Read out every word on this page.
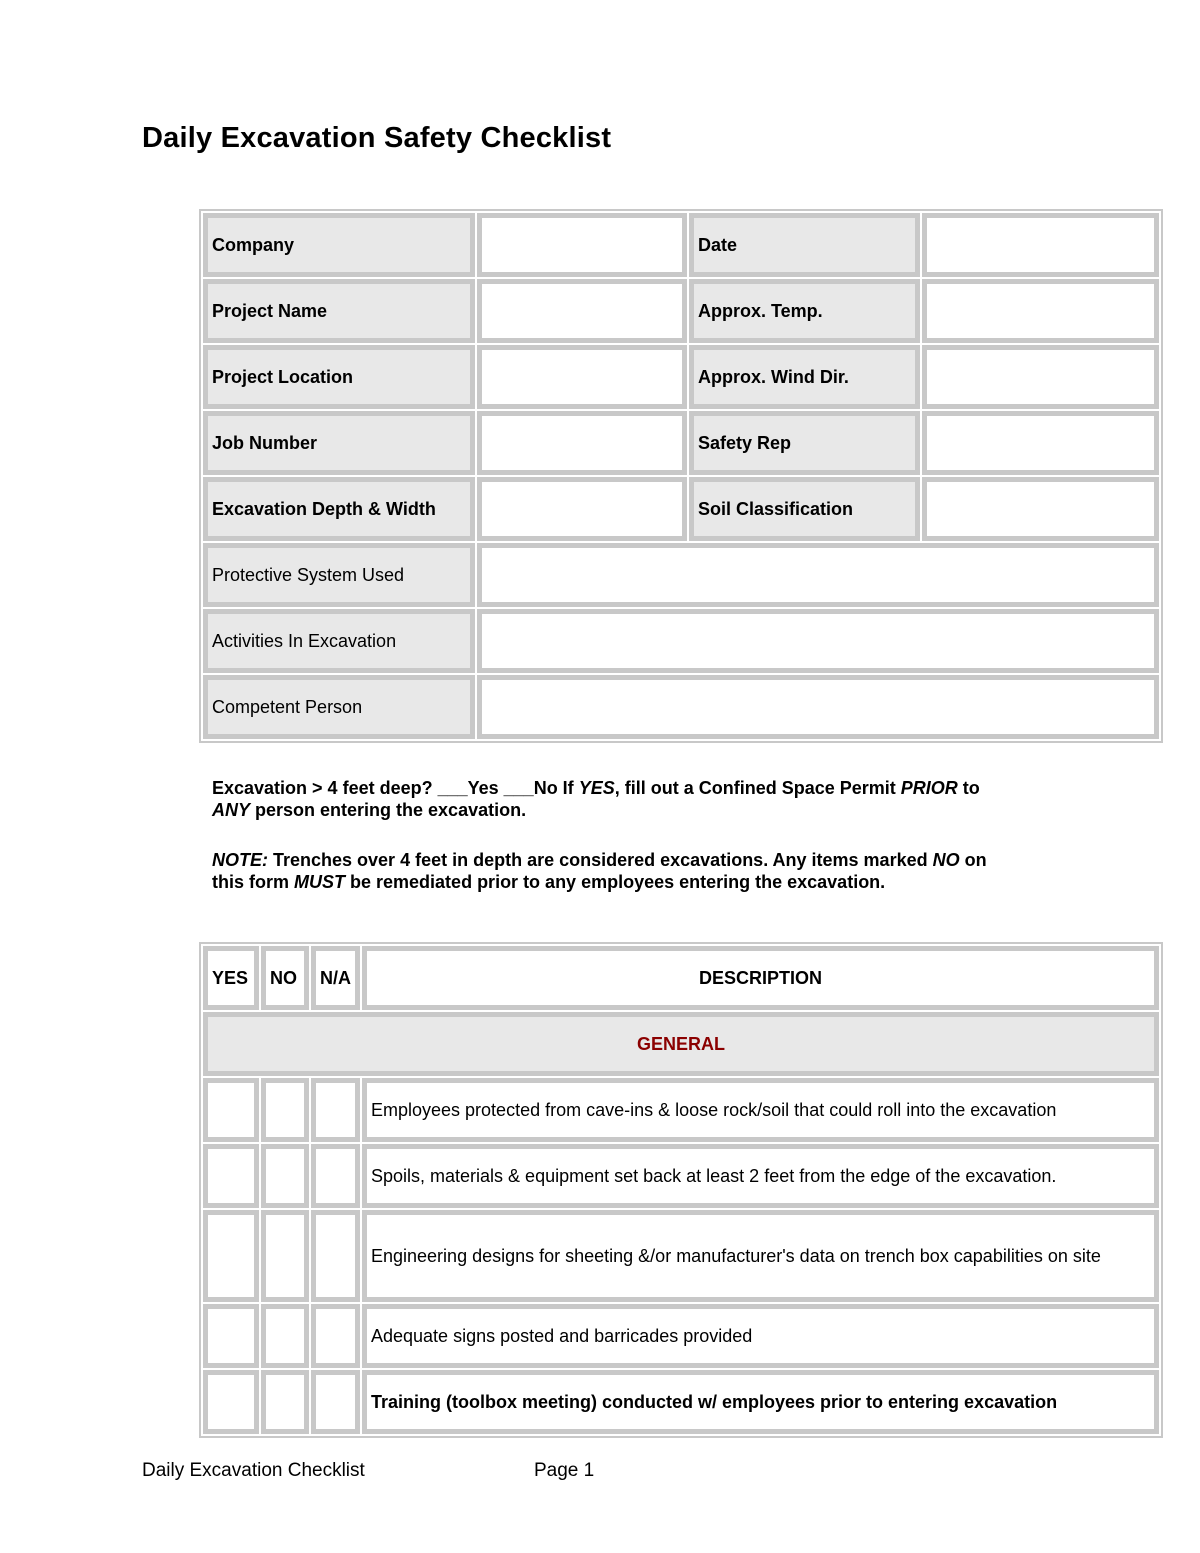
Daily Excavation Safety Checklist
Company		Date	
Project Name		Approx. Temp.	
Project Location		Approx. Wind Dir.	
Job Number		Safety Rep	
Excavation Depth & Width		Soil Classification	
Protective System Used			
Activities In Excavation			
Competent Person			
Excavation > 4 feet deep? ___Yes ___No If YES, fill out a Confined Space Permit PRIOR to ANY person entering the excavation.
NOTE: Trenches over 4 feet in depth are considered excavations. Any items marked NO on this form MUST be remediated prior to any employees entering the excavation.
YES	NO	N/A	DESCRIPTION
GENERAL			
			Employees protected from cave-ins & loose rock/soil that could roll into the excavation
			Spoils, materials & equipment set back at least 2 feet from the edge of the excavation.
			Engineering designs for sheeting &/or manufacturer's data on trench box capabilities on site
			Adequate signs posted and barricades provided
			Training (toolbox meeting) conducted w/ employees prior to entering excavation
Daily Excavation Checklist	Page 1
